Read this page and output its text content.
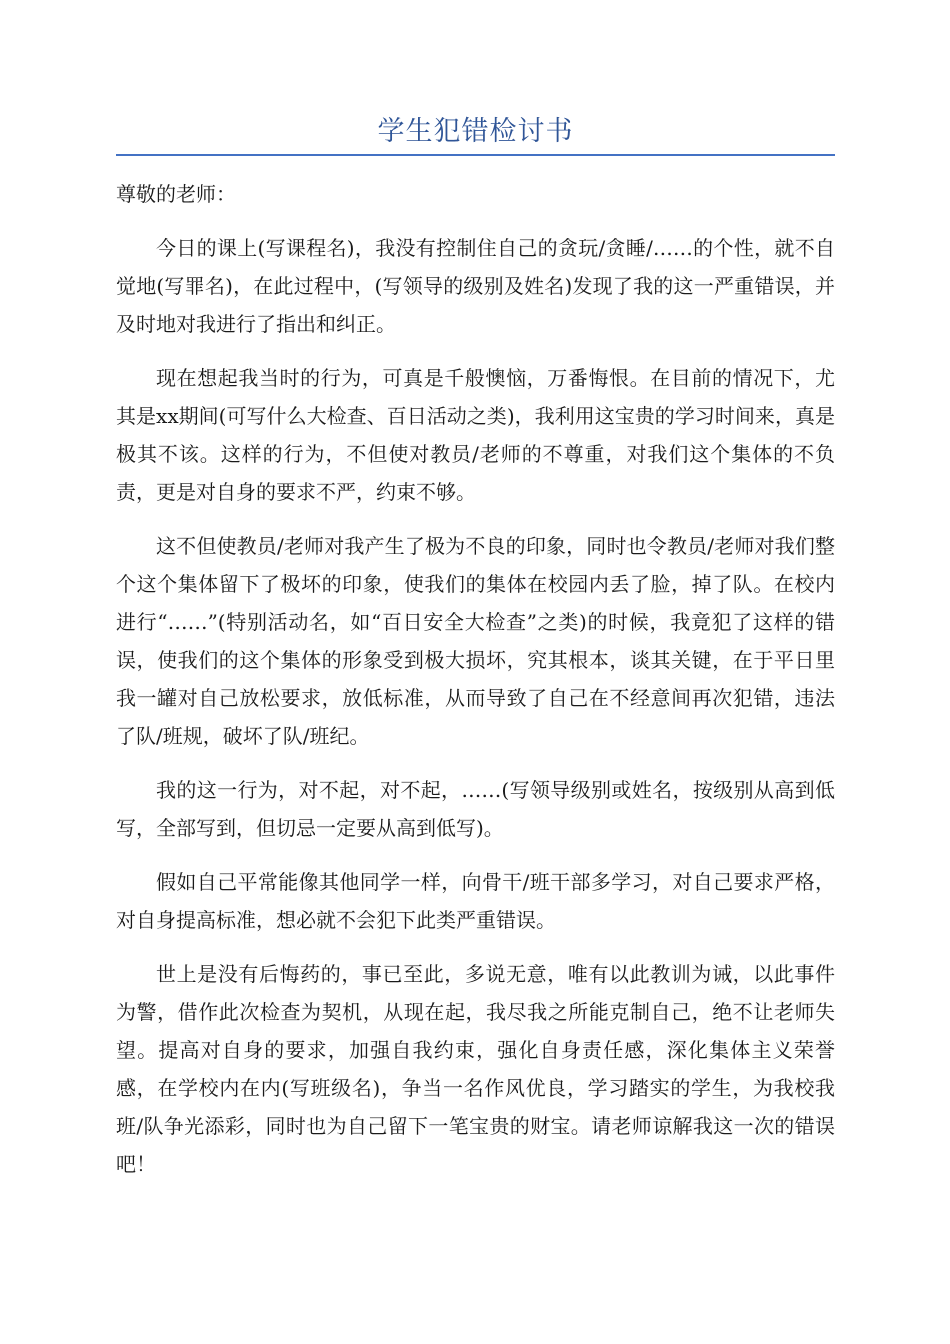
学生犯错检讨书

尊敬的老师：

今日的课上(写课程名)，我没有控制住自己的贪玩/贪睡/……的个性，就不自觉地(写罪名)，在此过程中，(写领导的级别及姓名)发现了我的这一严重错误，并及时地对我进行了指出和纠正。

现在想起我当时的行为，可真是千般懊恼，万番悔恨。在目前的情况下，尤其是xx期间(可写什么大检查、百日活动之类)，我利用这宝贵的学习时间来，真是极其不该。这样的行为，不但使对教员/老师的不尊重，对我们这个集体的不负责，更是对自身的要求不严，约束不够。

这不但使教员/老师对我产生了极为不良的印象，同时也令教员/老师对我们整个这个集体留下了极坏的印象，使我们的集体在校园内丢了脸，掉了队。在校内进行“……”(特别活动名，如“百日安全大检查”之类)的时候，我竟犯了这样的错误，使我们的这个集体的形象受到极大损坏，究其根本，谈其关键，在于平日里我一罐对自己放松要求，放低标准，从而导致了自己在不经意间再次犯错，违法了队/班规，破坏了队/班纪。

我的这一行为，对不起，对不起，……(写领导级别或姓名，按级别从高到低写，全部写到，但切忌一定要从高到低写)。

假如自己平常能像其他同学一样，向骨干/班干部多学习，对自己要求严格，对自身提高标准，想必就不会犯下此类严重错误。

世上是没有后悔药的，事已至此，多说无意，唯有以此教训为诫，以此事件为警，借作此次检查为契机，从现在起，我尽我之所能克制自己，绝不让老师失望。提高对自身的要求，加强自我约束，强化自身责任感，深化集体主义荣誉感，在学校内在内(写班级名)，争当一名作风优良，学习踏实的学生，为我校我班/队争光添彩，同时也为自己留下一笔宝贵的财宝。请老师谅解我这一次的错误吧！
